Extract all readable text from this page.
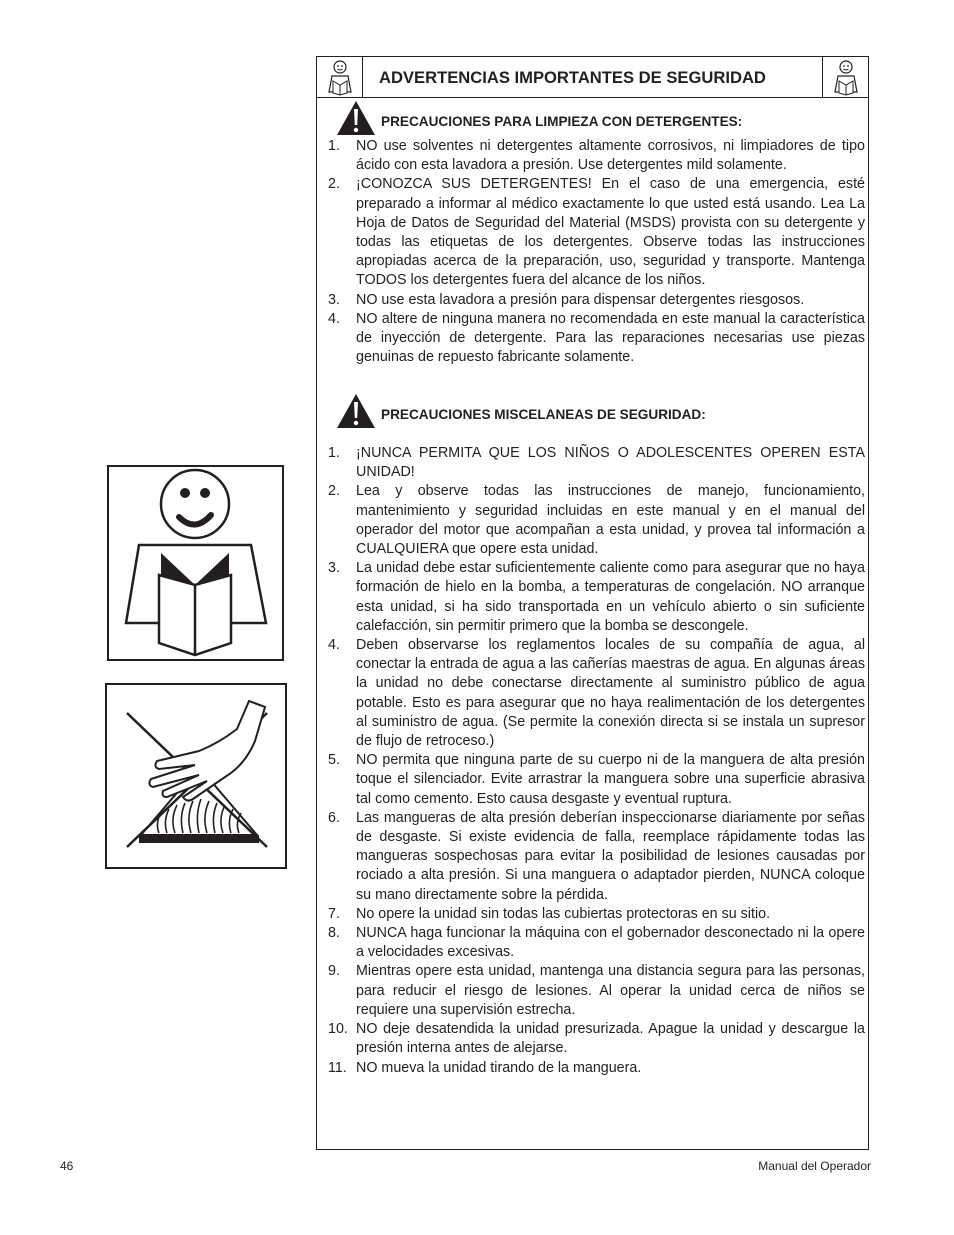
ADVERTENCIAS IMPORTANTES DE SEGURIDAD
PRECAUCIONES PARA LIMPIEZA CON DETERGENTES:
1. NO use solventes ni detergentes altamente corrosivos, ni limpiadores de tipo ácido con esta lavadora a presión. Use detergentes mild solamente.
2. ¡CONOZCA SUS DETERGENTES! En el caso de una emergencia, esté preparado a informar al médico exactamente lo que usted está usando. Lea La Hoja de Datos de Seguridad del Material (MSDS) provista con su detergente y todas las etiquetas de los detergentes. Observe todas las instrucciones apropiadas acerca de la preparación, uso, seguridad y transporte. Mantenga TODOS los detergentes fuera del alcance de los niños.
3. NO use esta lavadora a presión para dispensar detergentes riesgosos.
4. NO altere de ninguna manera no recomendada en este manual la característica de inyección de detergente. Para las reparaciones necesarias use piezas genuinas de repuesto fabricante solamente.
PRECAUCIONES MISCELANEAS DE SEGURIDAD:
1. ¡NUNCA PERMITA QUE LOS NIÑOS O ADOLESCENTES OPEREN ESTA UNIDAD!
2. Lea y observe todas las instrucciones de manejo, funcionamiento, mantenimiento y seguridad incluidas en este manual y en el manual del operador del motor que acompañan a esta unidad, y provea tal información a CUALQUIERA que opere esta unidad.
3. La unidad debe estar suficientemente caliente como para asegurar que no haya formación de hielo en la bomba, a temperaturas de congelación. NO arranque esta unidad, si ha sido transportada en un vehículo abierto o sin suficiente calefacción, sin permitir primero que la bomba se descongele.
4. Deben observarse los reglamentos locales de su compañía de agua, al conectar la entrada de agua a las cañerías maestras de agua. En algunas áreas la unidad no debe conectarse directamente al suministro público de agua potable. Esto es para asegurar que no haya realimentación de los detergentes al suministro de agua. (Se permite la conexión directa si se instala un supresor de flujo de retroceso.)
5. NO permita que ninguna parte de su cuerpo ni de la manguera de alta presión toque el silenciador. Evite arrastrar la manguera sobre una superficie abrasiva tal como cemento. Esto causa desgaste y eventual ruptura.
6. Las mangueras de alta presión deberían inspeccionarse diariamente por señas de desgaste. Si existe evidencia de falla, reemplace rápidamente todas las mangueras sospechosas para evitar la posibilidad de lesiones causadas por rociado a alta presión. Si una manguera o adaptador pierden, NUNCA coloque su mano directamente sobre la pérdida.
7. No opere la unidad sin todas las cubiertas protectoras en su sitio.
8. NUNCA haga funcionar la máquina con el gobernador desconectado ni la opere a velocidades excesivas.
9. Mientras opere esta unidad, mantenga una distancia segura para las personas, para reducir el riesgo de lesiones. Al operar la unidad cerca de niños se requiere una supervisión estrecha.
10. NO deje desatendida la unidad presurizada. Apague la unidad y descargue la presión interna antes de alejarse.
11. NO mueva la unidad tirando de la manguera.
46	Manual del Operador
